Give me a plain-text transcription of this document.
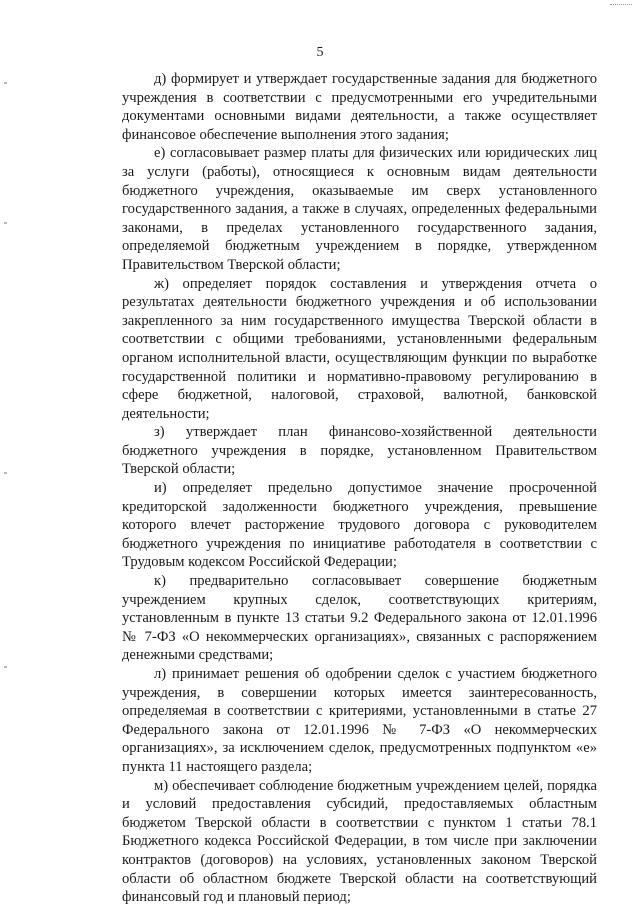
5

д) формирует и утверждает государственные задания для бюджетного учреждения в соответствии с предусмотренными его учредительными документами основными видами деятельности, а также осуществляет финансовое обеспечение выполнения этого задания;

е) согласовывает размер платы для физических или юридических лиц за услуги (работы), относящиеся к основным видам деятельности бюджетного учреждения, оказываемые им сверх установленного государственного задания, а также в случаях, определенных федеральными законами, в пределах установленного государственного задания, определяемой бюджетным учреждением в порядке, утвержденном Правительством Тверской области;

ж) определяет порядок составления и утверждения отчета о результатах деятельности бюджетного учреждения и об использовании закрепленного за ним государственного имущества Тверской области в соответствии с общими требованиями, установленными федеральным органом исполнительной власти, осуществляющим функции по выработке государственной политики и нормативно-правовому регулированию в сфере бюджетной, налоговой, страховой, валютной, банковской деятельности;

з) утверждает план финансово-хозяйственной деятельности бюджетного учреждения в порядке, установленном Правительством Тверской области;

и) определяет предельно допустимое значение просроченной кредиторской задолженности бюджетного учреждения, превышение которого влечет расторжение трудового договора с руководителем бюджетного учреждения по инициативе работодателя в соответствии с Трудовым кодексом Российской Федерации;

к) предварительно согласовывает совершение бюджетным учреждением крупных сделок, соответствующих критериям, установленным в пункте 13 статьи 9.2 Федерального закона от 12.01.1996 № 7-ФЗ «О некоммерческих организациях», связанных с распоряжением денежными средствами;

л) принимает решения об одобрении сделок с участием бюджетного учреждения, в совершении которых имеется заинтересованность, определяемая в соответствии с критериями, установленными в статье 27 Федерального закона от 12.01.1996 № 7-ФЗ «О некоммерческих организациях», за исключением сделок, предусмотренных подпунктом «е» пункта 11 настоящего раздела;

м) обеспечивает соблюдение бюджетным учреждением целей, порядка и условий предоставления субсидий, предоставляемых областным бюджетом Тверской области в соответствии с пунктом 1 статьи 78.1 Бюджетного кодекса Российской Федерации, в том числе при заключении контрактов (договоров) на условиях, установленных законом Тверской области об областном бюджете Тверской области на соответствующий финансовый год и плановый период;
